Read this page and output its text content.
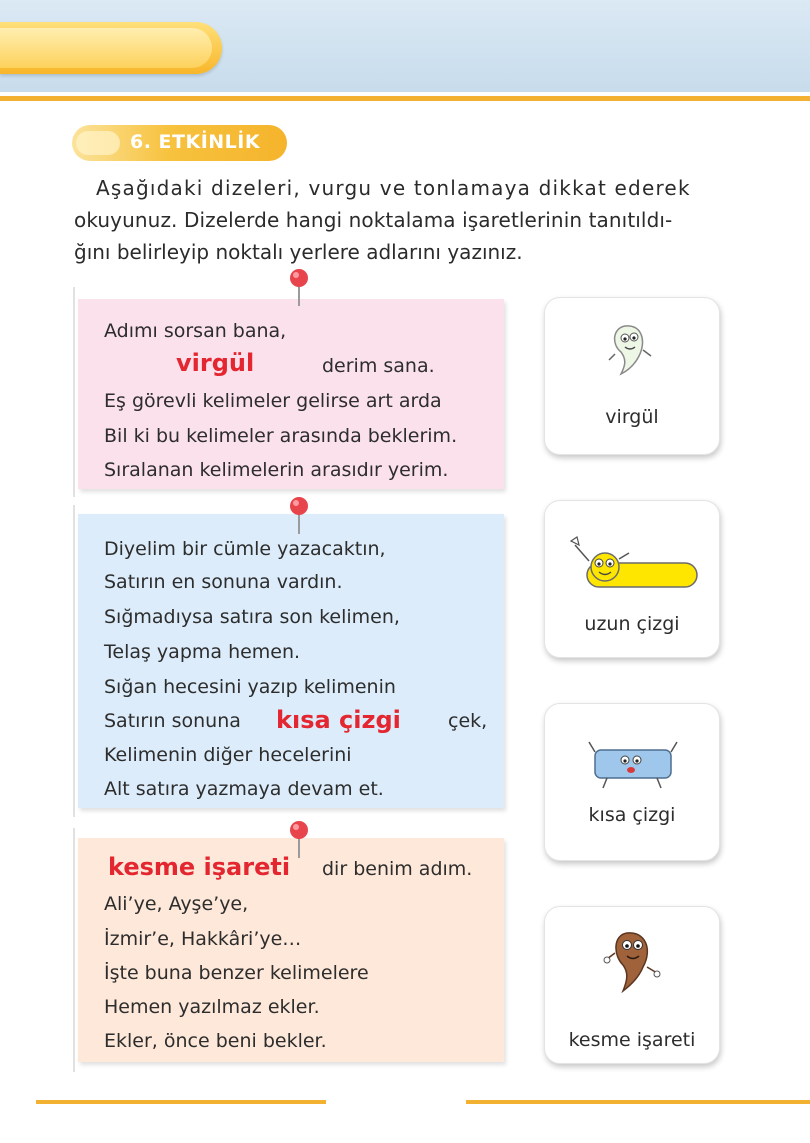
6. ETKİNLİK
Aşağıdaki dizeleri, vurgu ve tonlamaya dikkat ederek
okuyunuz. Dizelerde hangi noktalama işaretlerinin tanıtıldı-
ğını belirleyip noktalı yerlere adlarını yazınız.
Adımı sorsan bana,
virgül	derim sana.
Eş görevli kelimeler gelirse art arda
Bil ki bu kelimeler arasında beklerim.
Sıralanan kelimelerin arasıdır yerim.
Diyelim bir cümle yazacaktın,
Satırın en sonuna vardın.
Sığmadıysa satıra son kelimen,
Telaş yapma hemen.
Sığan hecesini yazıp kelimenin
Satırın sonuna kısa çizgi çek,
Kelimenin diğer hecelerini
Alt satıra yazmaya devam et.
kesme işareti dir benim adım.
Ali’ye, Ayşe’ye,
İzmir’e, Hakkâri’ye…
İşte buna benzer kelimelere
Hemen yazılmaz ekler.
Ekler, önce beni bekler.
virgül
uzun çizgi
kısa çizgi
kesme işareti
